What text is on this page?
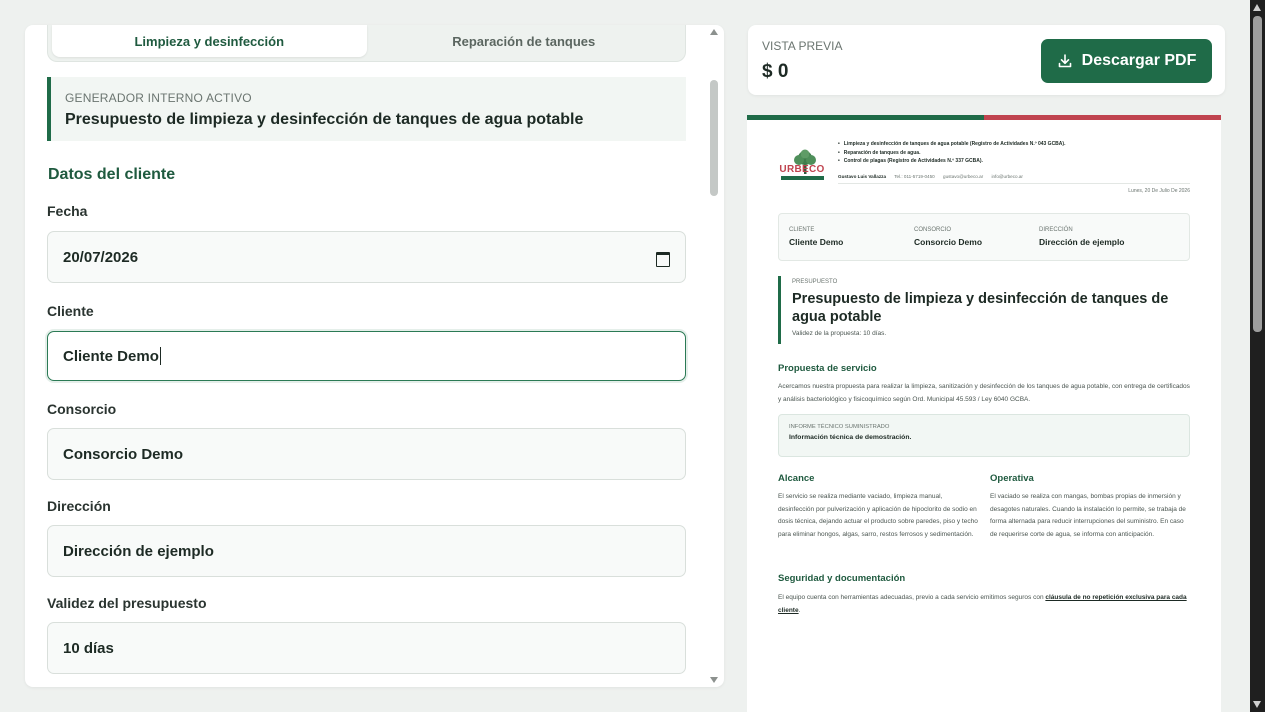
Limpieza y desinfección	Reparación de tanques
GENERADOR INTERNO ACTIVO
Presupuesto de limpieza y desinfección de tanques de agua potable
Datos del cliente
Fecha
20/07/2026
Cliente
Cliente Demo
Consorcio
Consorcio Demo
Dirección
Dirección de ejemplo
Validez del presupuesto
10 días
VISTA PREVIA
$ 0
Descargar PDF
URBECO
• Limpieza y desinfección de tanques de agua potable (Registro de Actividades N.º 043 GCBA).
• Reparación de tanques de agua.
• Control de plagas (Registro de Actividades N.º 337 GCBA).
Gustavo Luis Vallazza Tel.: 011-5719-0450 gustavo@urbeco.ar info@urbeco.ar
Lunes, 20 De Julio De 2026
CLIENTE
Cliente Demo
CONSORCIO
Consorcio Demo
DIRECCIÓN
Dirección de ejemplo
PRESUPUESTO
Presupuesto de limpieza y desinfección de tanques de agua potable
Validez de la propuesta: 10 días.
Propuesta de servicio
Acercamos nuestra propuesta para realizar la limpieza, sanitización y desinfección de los tanques de agua potable, con entrega de certificados y análisis bacteriológico y fisicoquímico según Ord. Municipal 45.593 / Ley 6040 GCBA.
INFORME TÉCNICO SUMINISTRADO
Información técnica de demostración.
Alcance
El servicio se realiza mediante vaciado, limpieza manual, desinfección por pulverización y aplicación de hipoclorito de sodio en dosis técnica, dejando actuar el producto sobre paredes, piso y techo para eliminar hongos, algas, sarro, restos ferrosos y sedimentación.
Operativa
El vaciado se realiza con mangas, bombas propias de inmersión y desagotes naturales. Cuando la instalación lo permite, se trabaja de forma alternada para reducir interrupciones del suministro. En caso de requerirse corte de agua, se informa con anticipación.
Seguridad y documentación
El equipo cuenta con herramientas adecuadas, previo a cada servicio emitimos seguros con cláusula de no repetición exclusiva para cada cliente.
